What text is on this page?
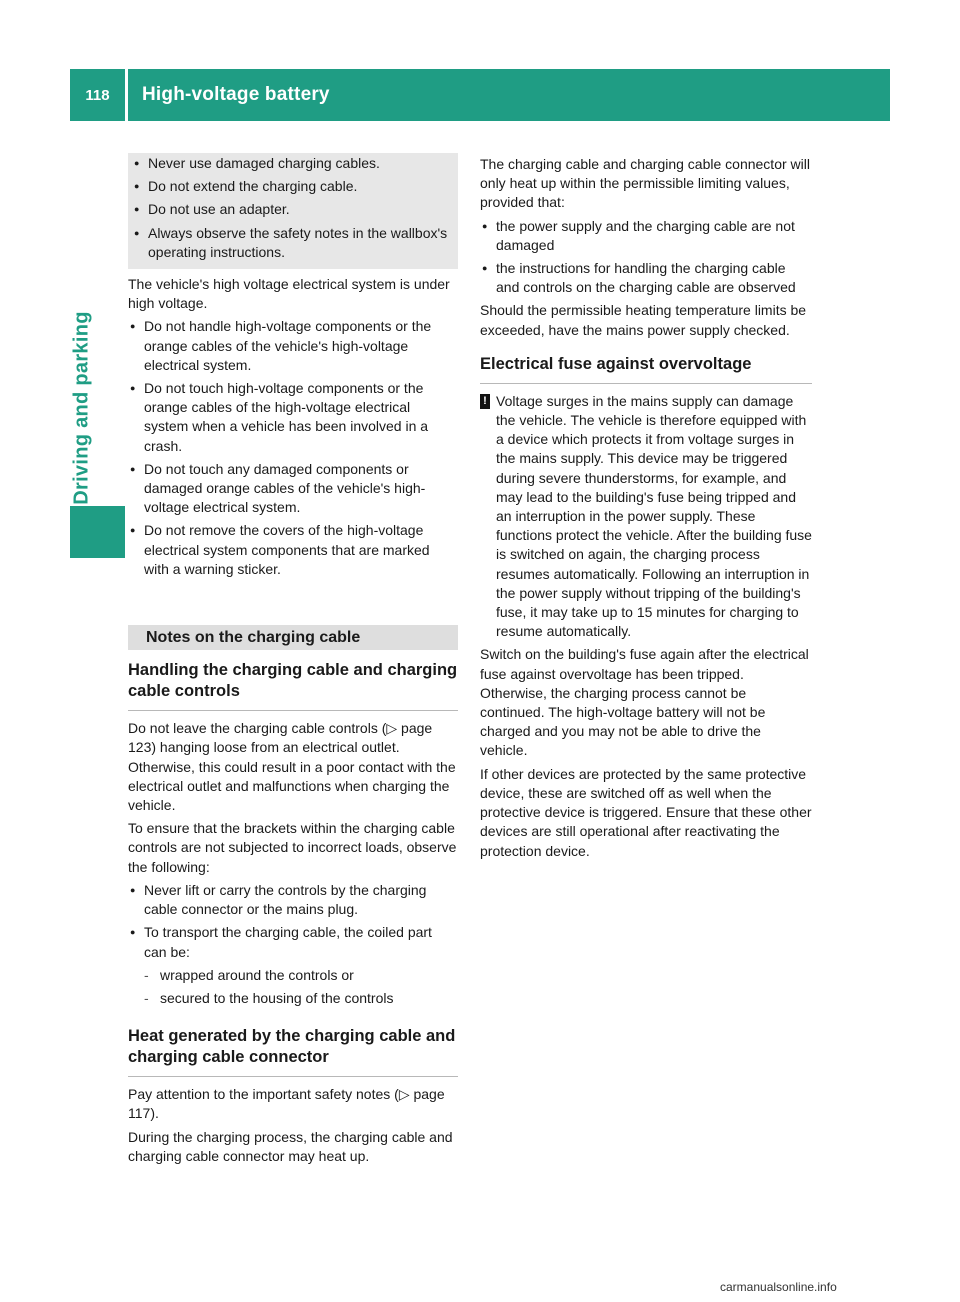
118	High-voltage battery
Driving and parking
● Never use damaged charging cables.
● Do not extend the charging cable.
● Do not use an adapter.
● Always observe the safety notes in the wallbox's operating instructions.

The vehicle's high voltage electrical system is under high voltage.

● Do not handle high-voltage components or the orange cables of the vehicle's high-voltage electrical system.
● Do not touch high-voltage components or the orange cables of the high-voltage electrical system when a vehicle has been involved in a crash.
● Do not touch any damaged components or damaged orange cables of the vehicle's high-voltage electrical system.
● Do not remove the covers of the high-voltage electrical system components that are marked with a warning sticker.
Notes on the charging cable
Handling the charging cable and charging cable controls

Do not leave the charging cable controls (▷ page 123) hanging loose from an electrical outlet. Otherwise, this could result in a poor contact with the electrical outlet and malfunctions when charging the vehicle.

To ensure that the brackets within the charging cable controls are not subjected to incorrect loads, observe the following:

● Never lift or carry the controls by the charging cable connector or the mains plug.
● To transport the charging cable, the coiled part can be:
- wrapped around the controls or
- secured to the housing of the controls
Heat generated by the charging cable and charging cable connector

Pay attention to the important safety notes (▷ page 117).

During the charging process, the charging cable and charging cable connector may heat up.

The charging cable and charging cable connector will only heat up within the permissible limiting values, provided that:

● the power supply and the charging cable are not damaged
● the instructions for handling the charging cable and controls on the charging cable are observed

Should the permissible heating temperature limits be exceeded, have the mains power supply checked.

Electrical fuse against overvoltage
! Voltage surges in the mains supply can damage the vehicle. The vehicle is therefore equipped with a device which protects it from voltage surges in the mains supply. This device may be triggered during severe thunderstorms, for example, and may lead to the building's fuse being tripped and an interruption in the power supply. These functions protect the vehicle. After the building fuse is switched on again, the charging process resumes automatically. Following an interruption in the power supply without tripping of the building's fuse, it may take up to 15 minutes for charging to resume automatically.

Switch on the building's fuse again after the electrical fuse against overvoltage has been tripped. Otherwise, the charging process cannot be continued. The high-voltage battery will not be charged and you may not be able to drive the vehicle.

If other devices are protected by the same protective device, these are switched off as well when the protective device is triggered. Ensure that these other devices are still operational after reactivating the protection device.

carmanualsonline.info
